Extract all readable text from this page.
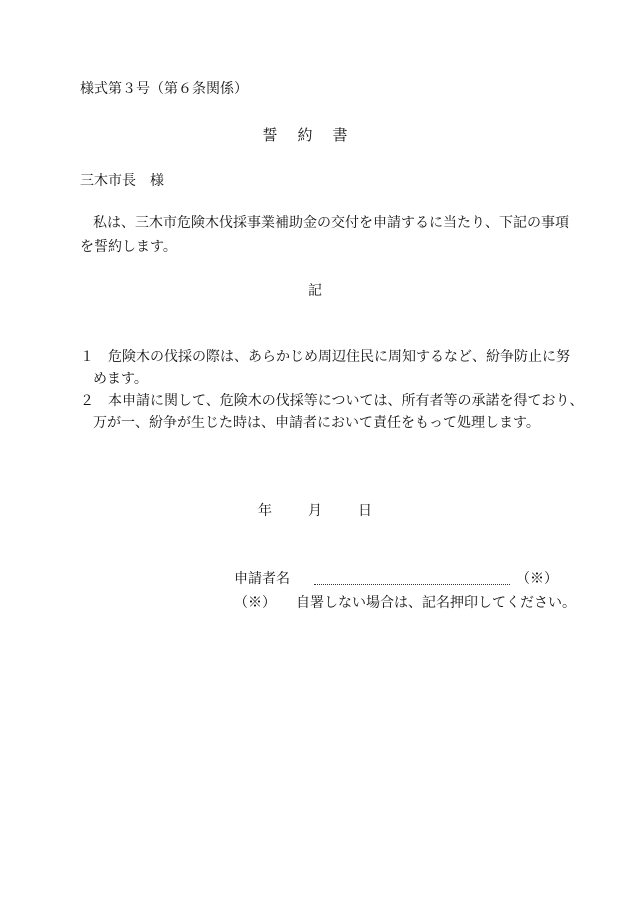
様式第３号（第６条関係）
誓約書
三木市長　様
私は、三木市危険木伐採事業補助金の交付を申請するに当たり、下記の事項
を誓約します。
記
１ 危険木の伐採の際は、あらかじめ周辺住民に周知するなど、紛争防止に努
めます。
２ 本申請に関して、危険木の伐採等については、所有者等の承諾を得ており、
万が一、紛争が生じた時は、申請者において責任をもって処理します。
年	月	日
申請者名	（※）
（※） 自署しない場合は、記名押印してください。
